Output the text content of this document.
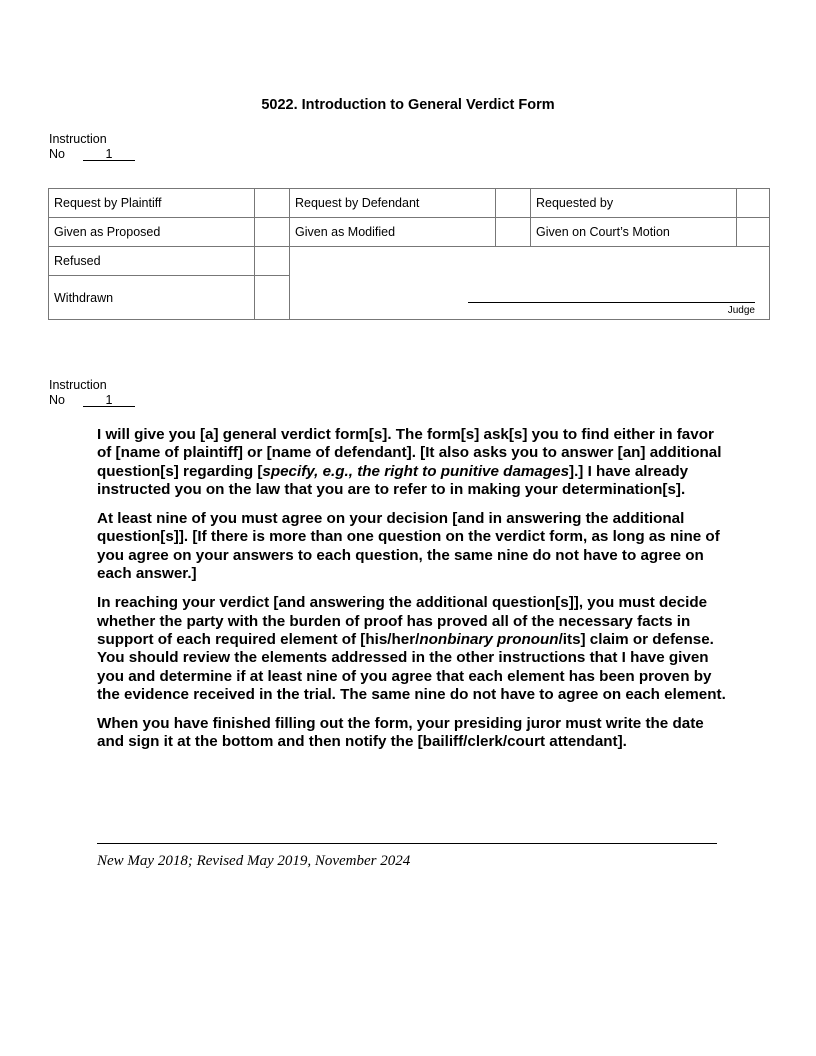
5022. Introduction to General Verdict Form
Instruction
No	1
Request by Plaintiff		Request by Defendant		Requested by	
Given as Proposed		Given as Modified		Given on Court’s Motion	
Refused		Judge			

Withdrawn					
Instruction
No	1

I will give you [a] general verdict form[s]. The form[s] ask[s] you to find either in favor of [name of plaintiff] or [name of defendant]. [It also asks you to answer [an] additional question[s] regarding [specify, e.g., the right to punitive damages].] I have already instructed you on the law that you are to refer to in making your determination[s].

At least nine of you must agree on your decision [and in answering the additional question[s]]. [If there is more than one question on the verdict form, as long as nine of you agree on your answers to each question, the same nine do not have to agree on each answer.]

In reaching your verdict [and answering the additional question[s]], you must decide whether the party with the burden of proof has proved all of the necessary facts in support of each required element of [his/her/nonbinary pronoun/its] claim or defense. You should review the elements addressed in the other instructions that I have given you and determine if at least nine of you agree that each element has been proven by the evidence received in the trial. The same nine do not have to agree on each element.

When you have finished filling out the form, your presiding juror must write the date and sign it at the bottom and then notify the [bailiff/clerk/court attendant].

New May 2018; Revised May 2019, November 2024
